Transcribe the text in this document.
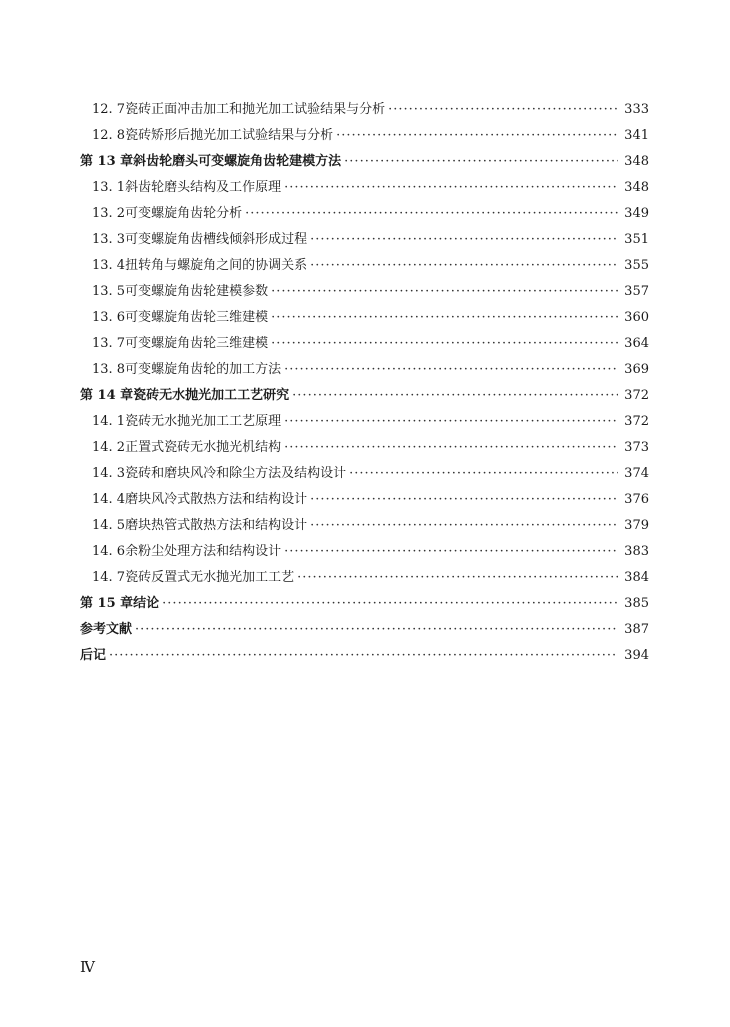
12. 7 瓷砖正面冲击加工和抛光加工试验结果与分析 ·····	333
12. 8 瓷砖矫形后抛光加工试验结果与分析 ·····	341
第 13 章 斜齿轮磨头可变螺旋角齿轮建模方法 ·····	348
13. 1 斜齿轮磨头结构及工作原理 ·····	348
13. 2 可变螺旋角齿轮分析 ·····	349
13. 3 可变螺旋角齿槽线倾斜形成过程 ·····	351
13. 4 扭转角与螺旋角之间的协调关系 ·····	355
13. 5 可变螺旋角齿轮建模参数 ·····	357
13. 6 可变螺旋角齿轮三维建模 ·····	360
13. 7 可变螺旋角齿轮三维建模 ·····	364
13. 8 可变螺旋角齿轮的加工方法 ·····	369
第 14 章 瓷砖无水抛光加工工艺研究 ·····	372
14. 1 瓷砖无水抛光加工工艺原理 ·····	372
14. 2 正置式瓷砖无水抛光机结构 ·····	373
14. 3 瓷砖和磨块风冷和除尘方法及结构设计 ·····	374
14. 4 磨块风冷式散热方法和结构设计 ·····	376
14. 5 磨块热管式散热方法和结构设计 ·····	379
14. 6 余粉尘处理方法和结构设计 ·····	383
14. 7 瓷砖反置式无水抛光加工工艺 ·····	384
第 15 章 结论 ·····	385
参考文献 ·····	387
后记 ·····	394
Ⅳ
